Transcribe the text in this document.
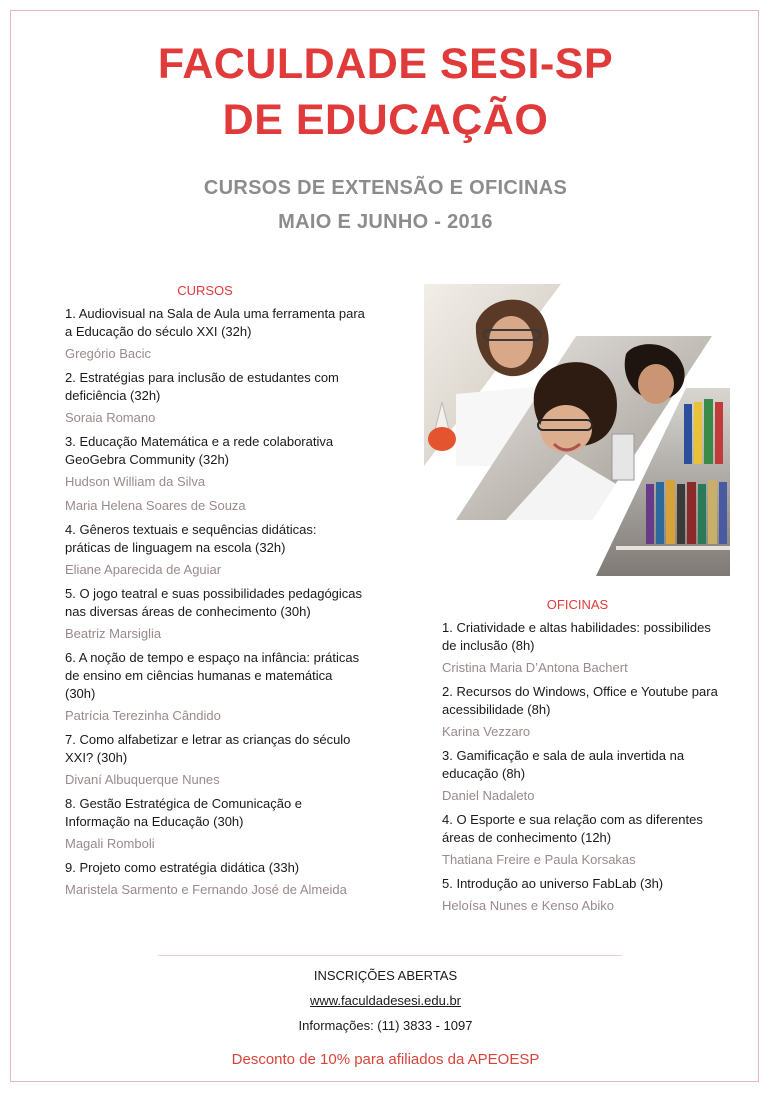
FACULDADE SESI-SP
DE EDUCAÇÃO
CURSOS DE EXTENSÃO E OFICINAS
MAIO E JUNHO - 2016
CURSOS
1. Audiovisual na Sala de Aula uma ferramenta para a Educação do século XXI (32h)
Gregório Bacic
2. Estratégias para inclusão de estudantes com deficiência (32h)
Soraia Romano
3. Educação Matemática e a rede colaborativa GeoGebra Community (32h)
Hudson William da Silva
Maria Helena Soares de Souza
4. Gêneros textuais e sequências didáticas: práticas de linguagem na escola (32h)
Eliane Aparecida de Aguiar
5. O jogo teatral e suas possibilidades pedagógicas nas diversas áreas de conhecimento (30h)
Beatriz Marsiglia
6. A noção de tempo e espaço na infância: práticas de ensino em ciências humanas e matemática (30h)
Patrícia Terezinha Cândido
7. Como alfabetizar e letrar as crianças do século XXI? (30h)
Divaní Albuquerque Nunes
8. Gestão Estratégica de Comunicação e Informação na Educação (30h)
Magali Romboli
9. Projeto como estratégia didática (33h)
Maristela Sarmento e Fernando José de Almeida
OFICINAS
1. Criatividade e altas habilidades: possibilides de inclusão (8h)
Cristina Maria D’Antona Bachert
2. Recursos do Windows, Office e Youtube para acessibilidade (8h)
Karina Vezzaro
3. Gamificação e sala de aula invertida na educação (8h)
Daniel Nadaleto
4. O Esporte e sua relação com as diferentes áreas de conhecimento (12h)
Thatiana Freire e Paula Korsakas
5. Introdução ao universo FabLab (3h)
Heloísa Nunes e Kenso Abiko
INSCRIÇÕES ABERTAS
www.faculdadesesi.edu.br
Informações: (11) 3833 - 1097
Desconto de 10% para afiliados da APEOESP
